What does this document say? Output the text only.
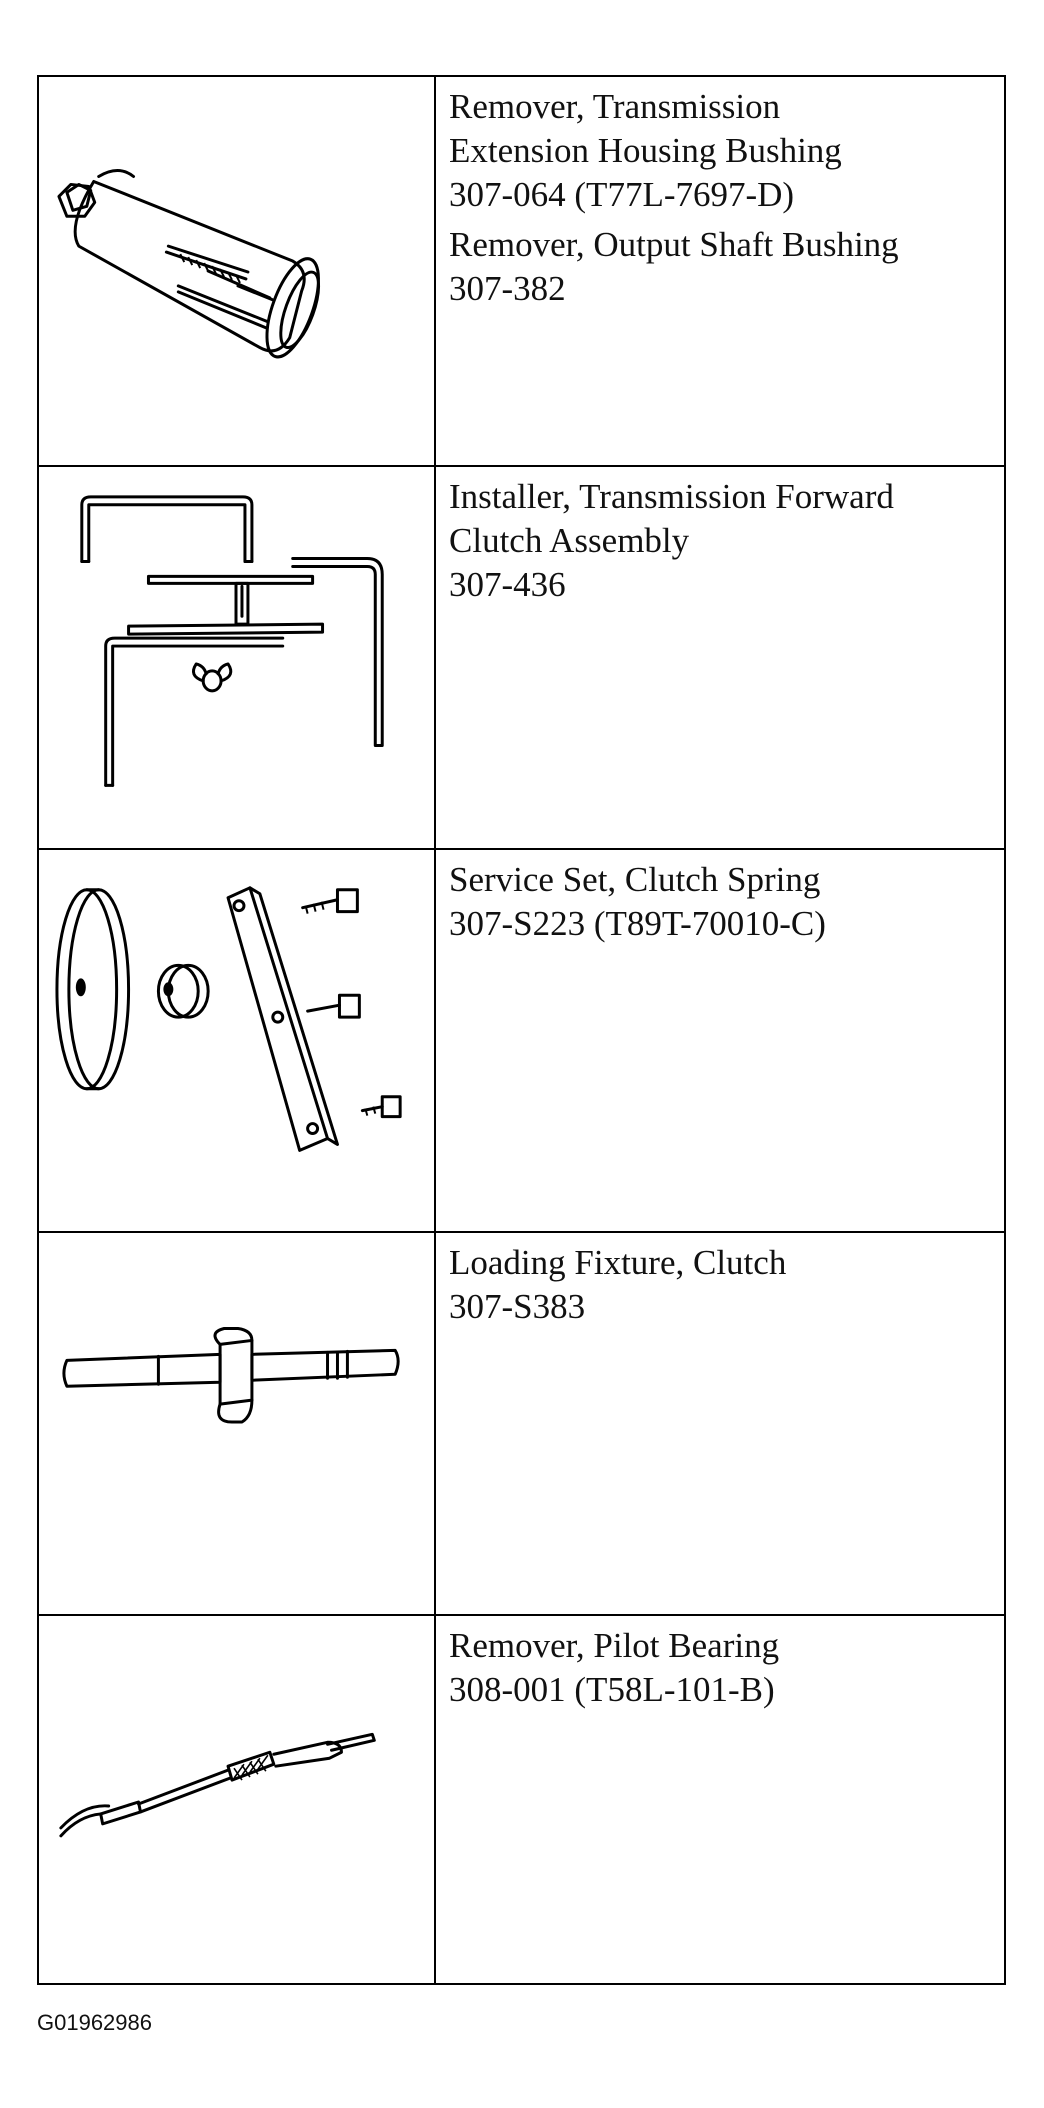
Remover, Transmission
Extension Housing Bushing
307-064 (T77L-7697-D)
Remover, Output Shaft Bushing
307-382
Installer, Transmission Forward
Clutch Assembly
307-436
Service Set, Clutch Spring
307-S223 (T89T-70010-C)
Loading Fixture, Clutch
307-S383
Remover, Pilot Bearing
308-001 (T58L-101-B)
G01962986
